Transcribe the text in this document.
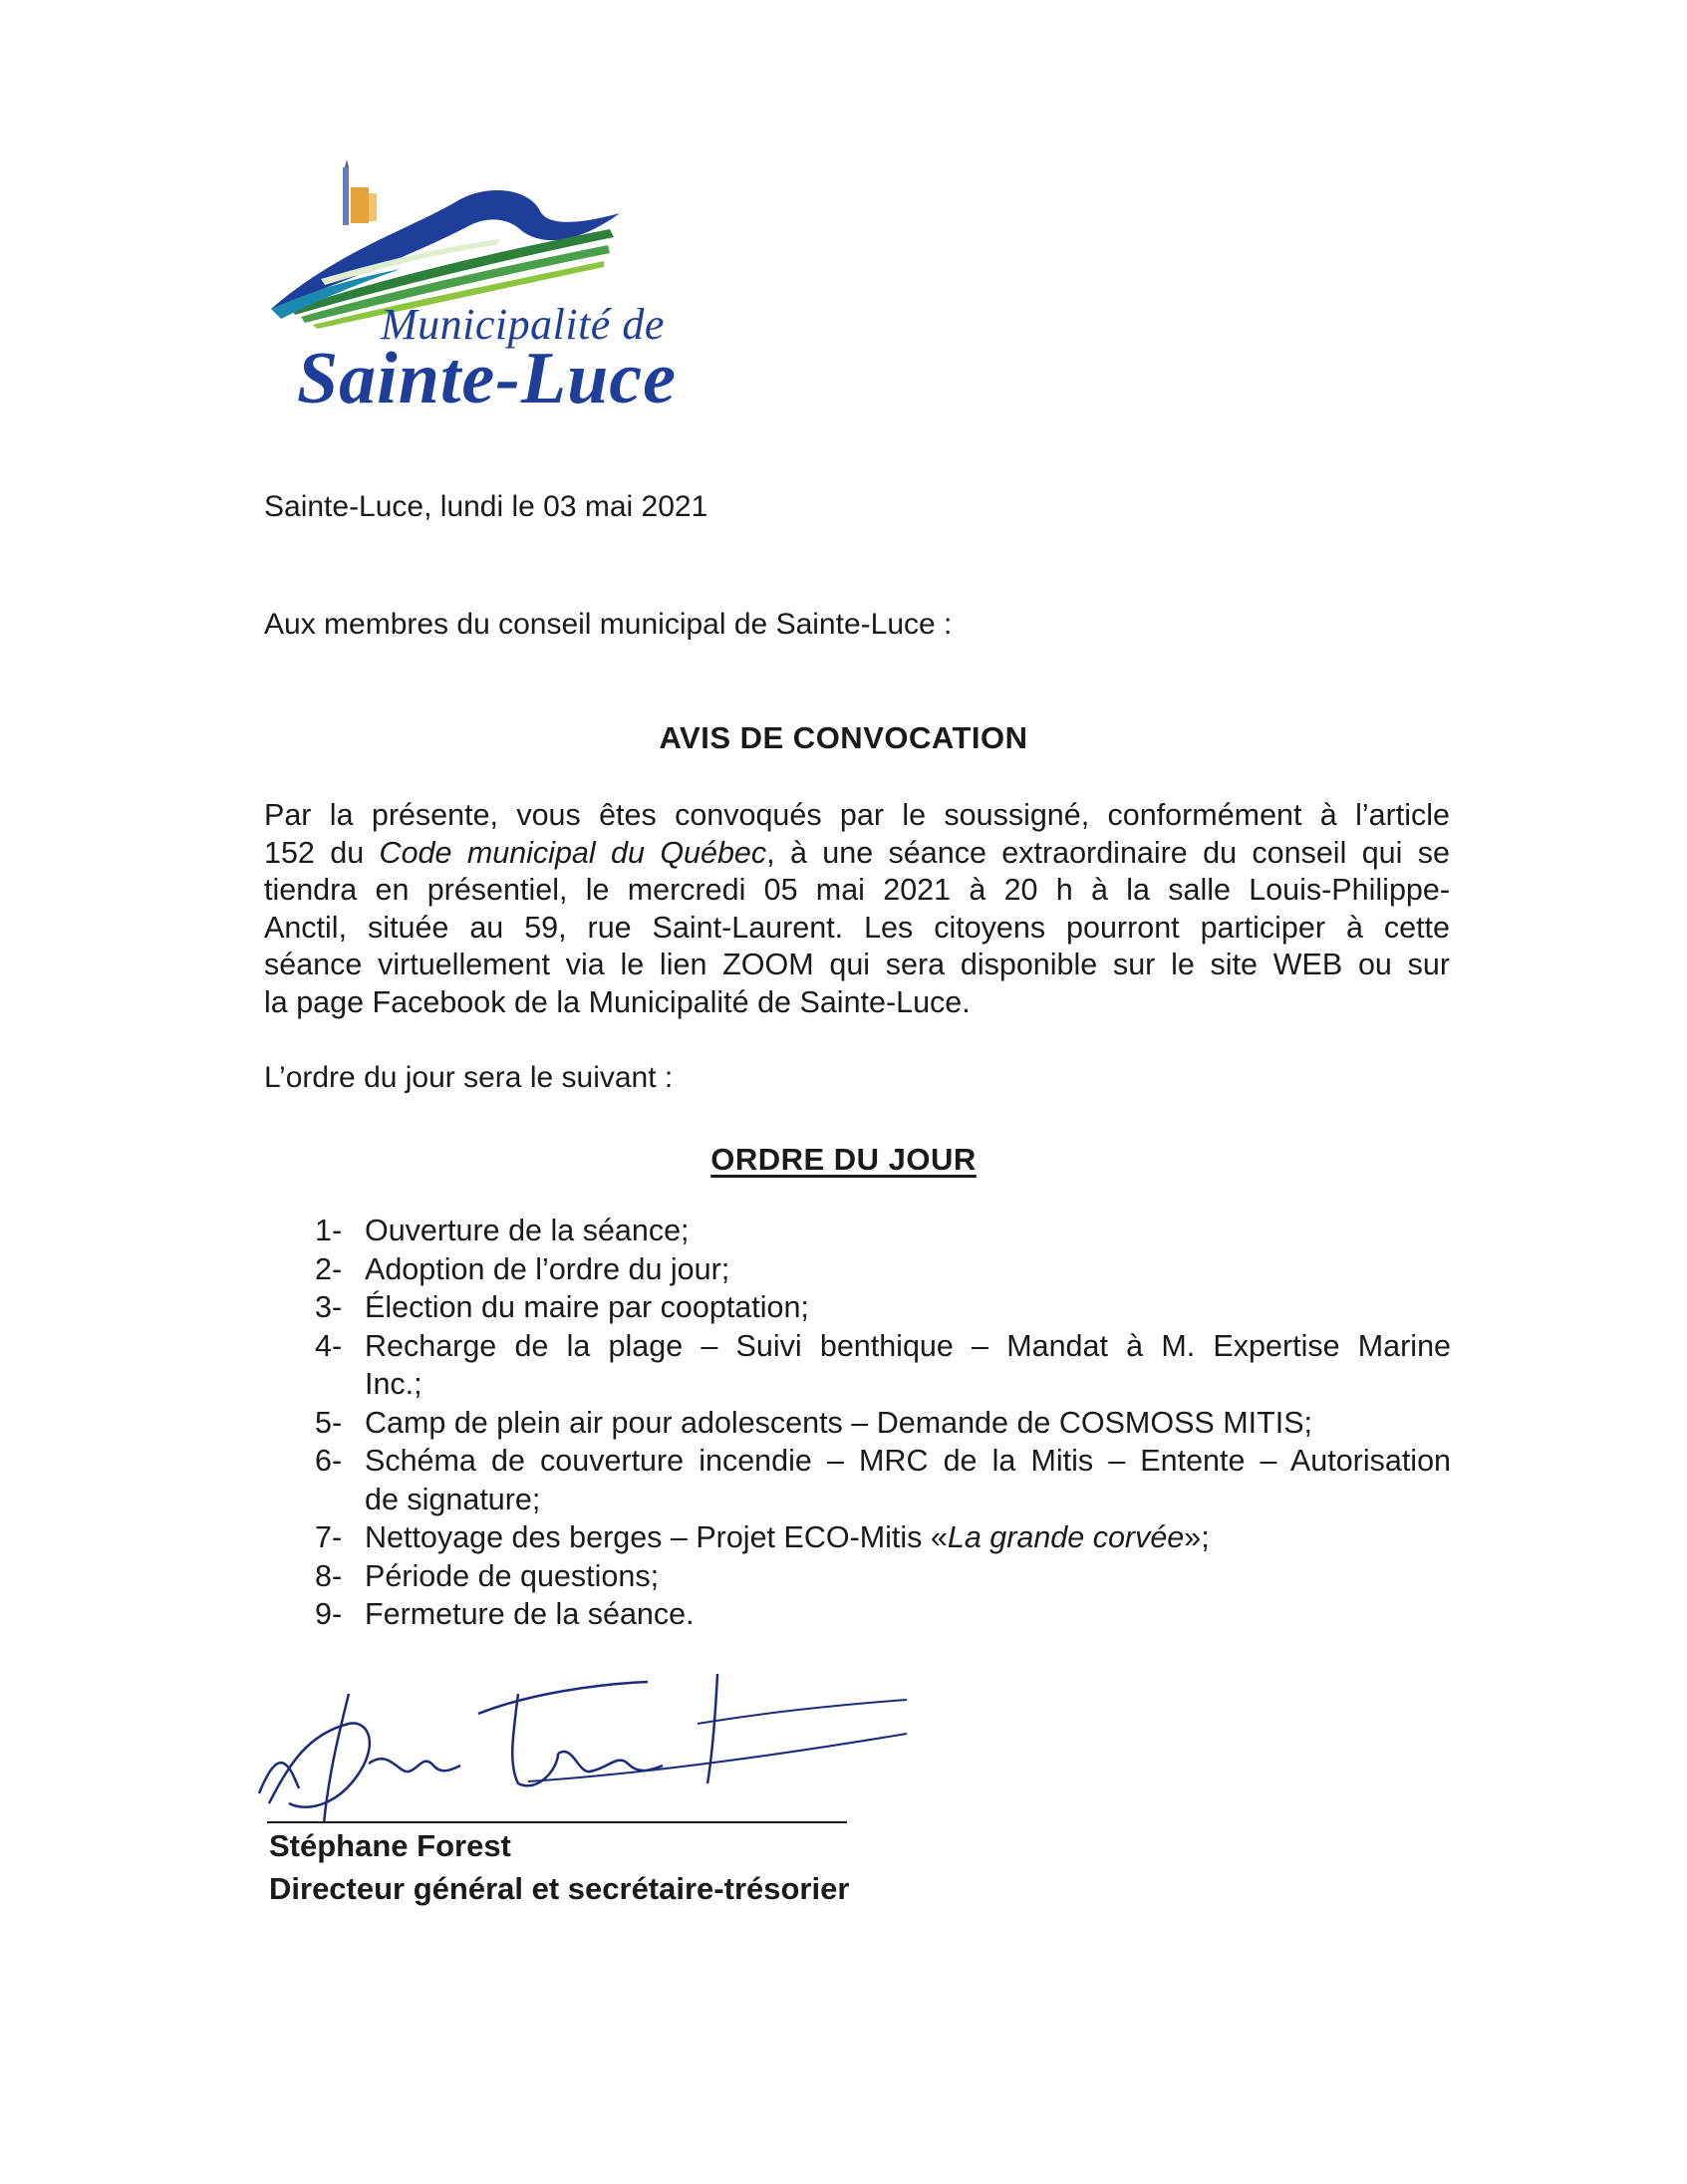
Municipalité de
Sainte-Luce
Sainte-Luce, lundi le 03 mai 2021
Aux membres du conseil municipal de Sainte-Luce :
AVIS DE CONVOCATION
Par la présente, vous êtes convoqués par le soussigné, conformément à l’article
152 du Code municipal du Québec, à une séance extraordinaire du conseil qui se
tiendra en présentiel, le mercredi 05 mai 2021 à 20 h à la salle Louis-Philippe-
Anctil, située au 59, rue Saint-Laurent. Les citoyens pourront participer à cette
séance virtuellement via le lien ZOOM qui sera disponible sur le site WEB ou sur
la page Facebook de la Municipalité de Sainte-Luce.
L’ordre du jour sera le suivant :
ORDRE DU JOUR
1- Ouverture de la séance;
2- Adoption de l’ordre du jour;
3- Élection du maire par cooptation;
4- Recharge de la plage – Suivi benthique – Mandat à M. Expertise Marine
Inc.;
5- Camp de plein air pour adolescents – Demande de COSMOSS MITIS;
6- Schéma de couverture incendie – MRC de la Mitis – Entente – Autorisation
de signature;
7- Nettoyage des berges – Projet ECO-Mitis «La grande corvée»;
8- Période de questions;
9- Fermeture de la séance.
Stéphane Forest
Directeur général et secrétaire-trésorier
